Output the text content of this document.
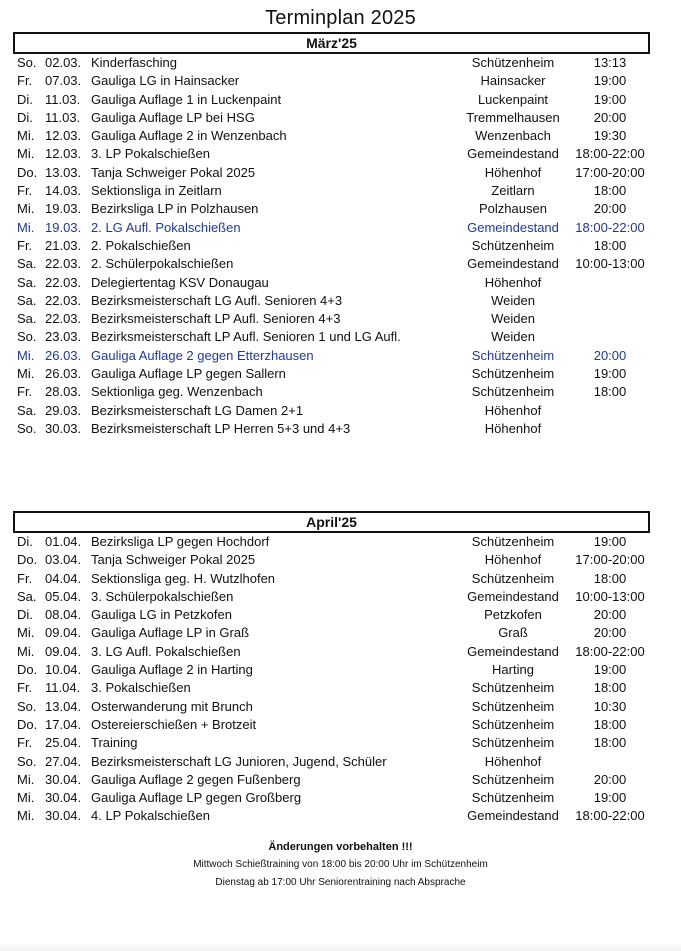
Terminplan 2025
März'25
So. 02.03. Kinderfasching	Schützenheim	13:13
Fr. 07.03. Gauliga LG in Hainsacker	Hainsacker	19:00
Di. 11.03. Gauliga Auflage 1 in Luckenpaint	Luckenpaint	19:00
Di. 11.03. Gauliga Auflage LP bei HSG	Tremmelhausen	20:00
Mi. 12.03. Gauliga Auflage 2 in Wenzenbach	Wenzenbach	19:30
Mi. 12.03. 3. LP Pokalschießen	Gemeindestand	18:00-22:00
Do. 13.03. Tanja Schweiger Pokal 2025	Höhenhof	17:00-20:00
Fr. 14.03. Sektionsliga in Zeitlarn	Zeitlarn	18:00
Mi. 19.03. Bezirksliga LP in Polzhausen	Polzhausen	20:00
Mi. 19.03. 2. LG Aufl. Pokalschießen	Gemeindestand	18:00-22:00
Fr. 21.03. 2. Pokalschießen	Schützenheim	18:00
Sa. 22.03. 2. Schülerpokalschießen	Gemeindestand	10:00-13:00
Sa. 22.03. Delegiertentag KSV Donaugau	Höhenhof
Sa. 22.03. Bezirksmeisterschaft LG Aufl. Senioren 4+3	Weiden
Sa. 22.03. Bezirksmeisterschaft LP Aufl. Senioren 4+3	Weiden
So. 23.03. Bezirksmeisterschaft LP Aufl. Senioren 1 und LG Aufl.	Weiden
Mi. 26.03. Gauliga Auflage 2 gegen Etterzhausen	Schützenheim	20:00
Mi. 26.03. Gauliga Auflage LP gegen Sallern	Schützenheim	19:00
Fr. 28.03. Sektionliga geg. Wenzenbach	Schützenheim	18:00
Sa. 29.03. Bezirksmeisterschaft LG Damen 2+1	Höhenhof
So. 30.03. Bezirksmeisterschaft LP Herren 5+3 und 4+3	Höhenhof
April'25
Di. 01.04. Bezirksliga LP gegen Hochdorf	Schützenheim	19:00
Do. 03.04. Tanja Schweiger Pokal 2025	Höhenhof	17:00-20:00
Fr. 04.04. Sektionsliga geg. H. Wutzlhofen	Schützenheim	18:00
Sa. 05.04. 3. Schülerpokalschießen	Gemeindestand	10:00-13:00
Di. 08.04. Gauliga LG in Petzkofen	Petzkofen	20:00
Mi. 09.04. Gauliga Auflage LP in Graß	Graß	20:00
Mi. 09.04. 3. LG Aufl. Pokalschießen	Gemeindestand	18:00-22:00
Do. 10.04. Gauliga Auflage 2 in Harting	Harting	19:00
Fr. 11.04. 3. Pokalschießen	Schützenheim	18:00
So. 13.04. Osterwanderung mit Brunch	Schützenheim	10:30
Do. 17.04. Ostereierschießen + Brotzeit	Schützenheim	18:00
Fr. 25.04. Training	Schützenheim	18:00
So. 27.04. Bezirksmeisterschaft LG Junioren, Jugend, Schüler	Höhenhof
Mi. 30.04. Gauliga Auflage 2 gegen Fußenberg	Schützenheim	20:00
Mi. 30.04. Gauliga Auflage LP gegen Großberg	Schützenheim	19:00
Mi. 30.04. 4. LP Pokalschießen	Gemeindestand	18:00-22:00
Änderungen vorbehalten !!!
Mittwoch Schießtraining von 18:00 bis 20:00 Uhr im Schützenheim
Dienstag ab 17:00 Uhr Seniorentraining nach Absprache
